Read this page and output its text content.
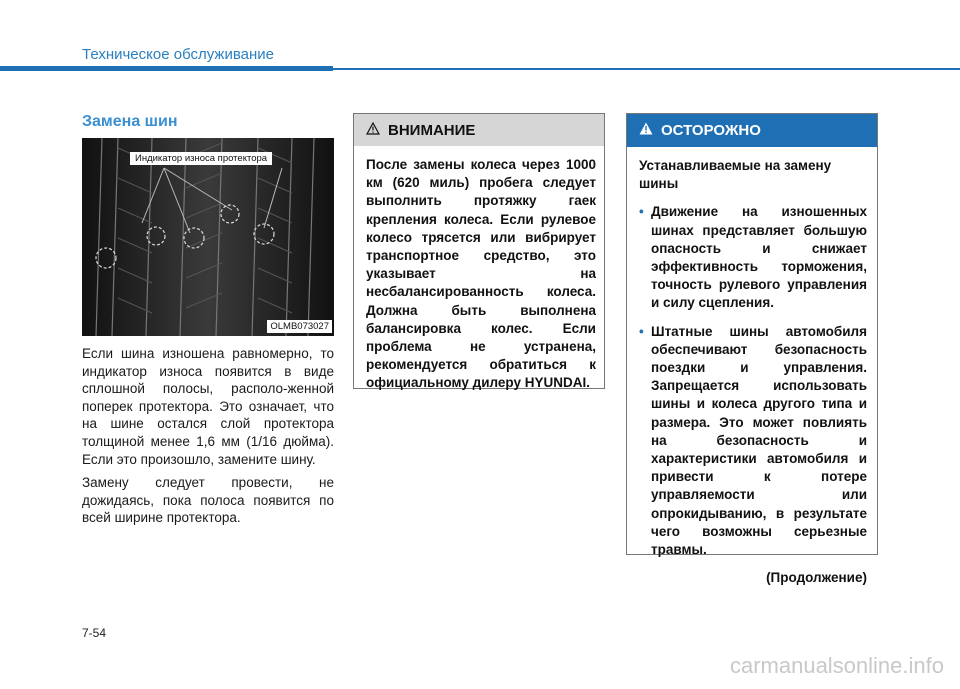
Техническое обслуживание
Замена шин
Индикатор износа протектора
OLMB073027

Если шина изношена равномерно, то индикатор износа появится в виде сплошной полосы, располо-женной поперек протектора. Это означает, что на шине остался слой протектора толщиной менее 1,6 мм (1/16 дюйма). Если это произошло, замените шину.

Замену следует провести, не дожидаясь, пока полоса появится по всей ширине протектора.

ВНИМАНИЕ
После замены колеса через 1000 км (620 миль) пробега следует выполнить протяжку гаек крепления колеса. Если рулевое колесо трясется или вибрирует транспортное средство, это указывает на несбалансированность колеса. Должна быть выполнена балансировка колес. Если проблема не устранена, рекомендуется обратиться к официальному дилеру HYUNDAI.
ОСТОРОЖНО

Устанавливаемые на замену шины

• Движение на изношенных шинах представляет большую опасность и снижает эффективность торможения, точность рулевого управления и силу сцепления.
• Штатные шины автомобиля обеспечивают безопасность поездки и управления. Запрещается использовать шины и колеса другого типа и размера. Это может повлиять на безопасность и характеристики автомобиля и привести к потере управляемости или опрокидыванию, в результате чего возможны серьезные травмы.
(Продолжение)
7-54
carmanualsonline.info
